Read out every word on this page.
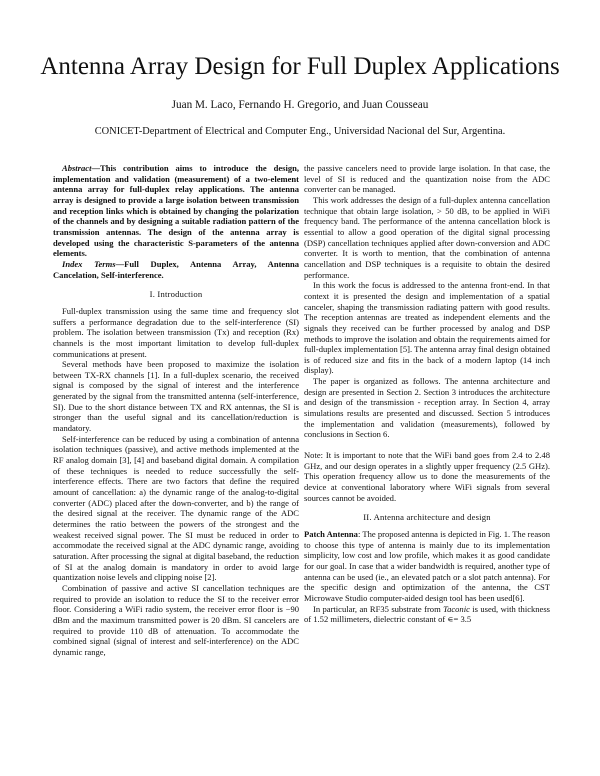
Antenna Array Design for Full Duplex Applications
Juan M. Laco, Fernando H. Gregorio, and Juan Cousseau
CONICET-Department of Electrical and Computer Eng., Universidad Nacional del Sur, Argentina.

Abstract—This contribution aims to introduce the design, implementation and validation (measurement) of a two-element antenna array for full-duplex relay applications. The antenna array is designed to provide a large isolation between transmission and reception links which is obtained by changing the polarization of the channels and by designing a suitable radiation pattern of the transmission antennas. The design of the antenna array is developed using the characteristic S-parameters of the antenna elements.

Index Terms—Full Duplex, Antenna Array, Antenna Cancelation, Self-interference.

I. Introduction

Full-duplex transmission using the same time and frequency slot suffers a performance degradation due to the self-interference (SI) problem. The isolation between transmission (Tx) and reception (Rx) channels is the most important limitation to develop full-duplex communications at present.

Several methods have been proposed to maximize the isolation between TX-RX channels [1]. In a full-duplex scenario, the received signal is composed by the signal of interest and the interference generated by the signal from the transmitted antenna (self-interference, SI). Due to the short distance between TX and RX antennas, the SI is stronger than the useful signal and its cancellation/reduction is mandatory.

Self-interference can be reduced by using a combination of antenna isolation techniques (passive), and active methods implemented at the RF analog domain [3], [4] and baseband digital domain. A compilation of these techniques is needed to reduce successfully the self-interference effects. There are two factors that define the required amount of cancellation: a) the dynamic range of the analog-to-digital converter (ADC) placed after the down-converter, and b) the range of the desired signal at the receiver. The dynamic range of the ADC determines the ratio between the powers of the strongest and the weakest received signal power. The SI must be reduced in order to accommodate the received signal at the ADC dynamic range, avoiding saturation. After processing the signal at digital baseband, the reduction of SI at the analog domain is mandatory in order to avoid large quantization noise levels and clipping noise [2].

Combination of passive and active SI cancellation techniques are required to provide an isolation to reduce the SI to the receiver error floor. Considering a WiFi radio system, the receiver error floor is −90 dBm and the maximum transmitted power is 20 dBm. SI cancelers are required to provide 110 dB of attenuation. To accommodate the combined signal (signal of interest and self-interference) on the ADC dynamic range,

the passive cancelers need to provide large isolation. In that case, the level of SI is reduced and the quantization noise from the ADC converter can be managed.

This work addresses the design of a full-duplex antenna cancellation technique that obtain large isolation, > 50 dB, to be applied in WiFi frequency band. The performance of the antenna cancellation block is essential to allow a good operation of the digital signal processing (DSP) cancellation techniques applied after down-conversion and ADC converter. It is worth to mention, that the combination of antenna cancellation and DSP techniques is a requisite to obtain the desired performance.

In this work the focus is addressed to the antenna front-end. In that context it is presented the design and implementation of a spatial canceler, shaping the transmission radiating pattern with good results. The reception antennas are treated as independent elements and the signals they received can be further processed by analog and DSP methods to improve the isolation and obtain the requirements aimed for full-duplex implementation [5]. The antenna array final design obtained is of reduced size and fits in the back of a modern laptop (14 inch display).

The paper is organized as follows. The antenna architecture and design are presented in Section 2. Section 3 introduces the architecture and design of the transmission - reception array. In Section 4, array simulations results are presented and discussed. Section 5 introduces the implementation and validation (measurements), followed by conclusions in Section 6.

Note: It is important to note that the WiFi band goes from 2.4 to 2.48 GHz, and our design operates in a slightly upper frequency (2.5 GHz). This operation frequency allow us to done the measurements of the device at conventional laboratory where WiFi signals from several sources cannot be avoided.

II. Antenna architecture and design

Patch Antenna: The proposed antenna is depicted in Fig. 1. The reason to choose this type of antenna is mainly due to its implementation simplicity, low cost and low profile, which makes it as good candidate for our goal. In case that a wider bandwidth is required, another type of antenna can be used (ie., an elevated patch or a slot patch antenna). For the specific design and optimization of the antenna, the CST Microwave Studio computer-aided design tool has been used[6].

In particular, an RF35 substrate from Taconic is used, with thickness of 1.52 millimeters, dielectric constant of ∊= 3.5
